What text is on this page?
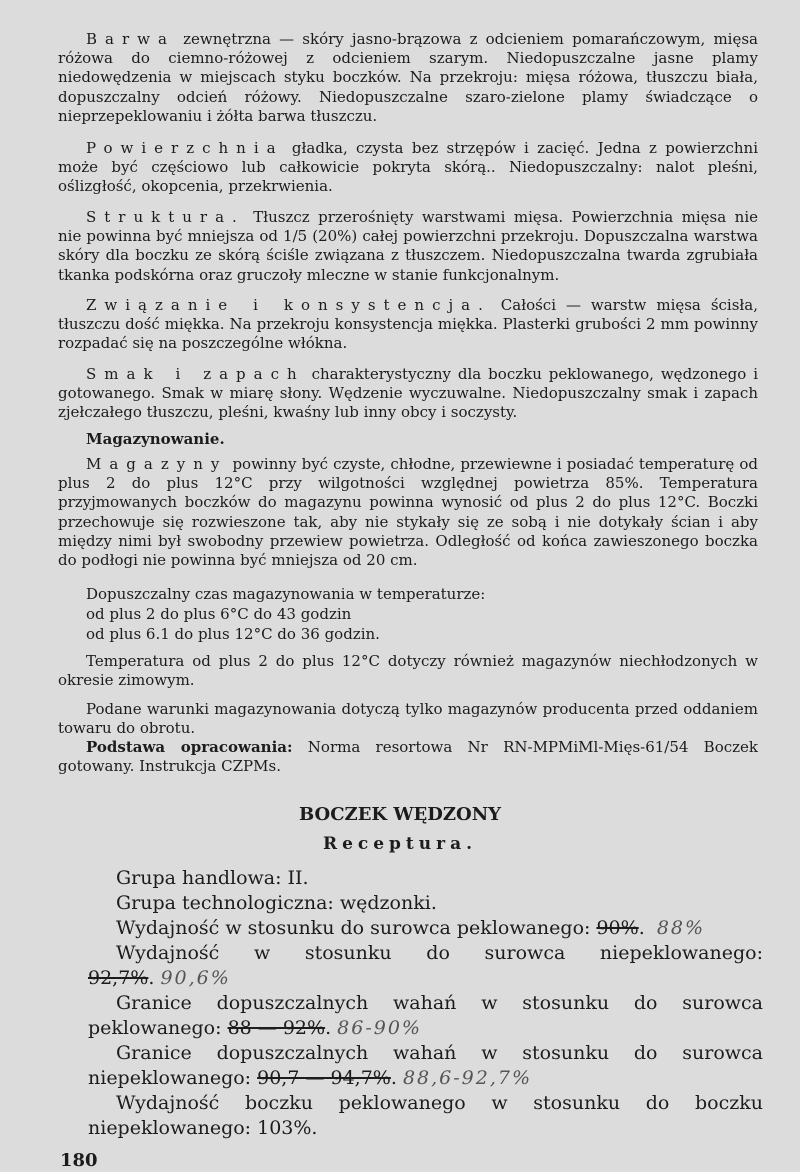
Barwa zewnętrzna — skóry jasno-brązowa z odcieniem pomarańczowym, mięsa różowa do ciemno-różowej z odcieniem szarym. Niedopuszczalne jasne plamy niedowędzenia w miejscach styku boczków. Na przekroju: mięsa różowa, tłuszczu biała, dopuszczalny odcień różowy. Niedopuszczalne szaro-zielone plamy świadczące o nieprzepeklowaniu i żółta barwa tłuszczu.

Powierzchnia gładka, czysta bez strzępów i zacięć. Jedna z powierzchni może być częściowo lub całkowicie pokryta skórą.. Niedopuszczalny: nalot pleśni, oślizgłość, okopcenia, przekrwienia.

Struktura. Tłuszcz przerośnięty warstwami mięsa. Powierzchnia mięsa nie nie powinna być mniejsza od 1/5 (20%) całej powierzchni przekroju. Dopuszczalna warstwa skóry dla boczku ze skórą ściśle związana z tłuszczem. Niedopuszczalna twarda zgrubiała tkanka podskórna oraz gruczoły mleczne w stanie funkcjonalnym.

Związanie i konsystencja. Całości — warstw mięsa ścisła, tłuszczu dość miękka. Na przekroju konsystencja miękka. Plasterki grubości 2 mm powinny rozpadać się na poszczególne włókna.

Smak i zapach charakterystyczny dla boczku peklowanego, wędzonego i gotowanego. Smak w miarę słony. Wędzenie wyczuwalne. Niedopuszczalny smak i zapach zjełczałego tłuszczu, pleśni, kwaśny lub inny obcy i soczysty.

Magazynowanie.

Magazyny powinny być czyste, chłodne, przewiewne i posiadać temperaturę od plus 2 do plus 12°C przy wilgotności względnej powietrza 85%. Temperatura przyjmowanych boczków do magazynu powinna wynosić od plus 2 do plus 12°C. Boczki przechowuje się rozwieszone tak, aby nie stykały się ze sobą i nie dotykały ścian i aby między nimi był swobodny przewiew powietrza. Odległość od końca zawieszonego boczka do podłogi nie powinna być mniejsza od 20 cm.

Dopuszczalny czas magazynowania w temperaturze:

od plus 2 do plus 6°C do 43 godzin

od plus 6.1 do plus 12°C do 36 godzin.

Temperatura od plus 2 do plus 12°C dotyczy również magazynów niechłodzonych w okresie zimowym.

Podane warunki magazynowania dotyczą tylko magazynów producenta przed oddaniem towaru do obrotu.

Podstawa opracowania: Norma resortowa Nr RN-MPMiMl-Mięs-61/54 Boczek gotowany. Instrukcja CZPMs.

BOCZEK WĘDZONY
Receptura.

Grupa handlowa: II.

Grupa technologiczna: wędzonki.

Wydajność w stosunku do surowca peklowanego: 90%. 88%

Wydajność w stosunku do surowca niepeklowanego: 92,7%. 90,6%

Granice dopuszczalnych wahań w stosunku do surowca peklowanego: 88 — 92%. 86-90%

Granice dopuszczalnych wahań w stosunku do surowca niepeklowanego: 90,7 — 94,7%. 88,6-92,7%

Wydajność boczku peklowanego w stosunku do boczku niepeklowanego: 103%.

180
